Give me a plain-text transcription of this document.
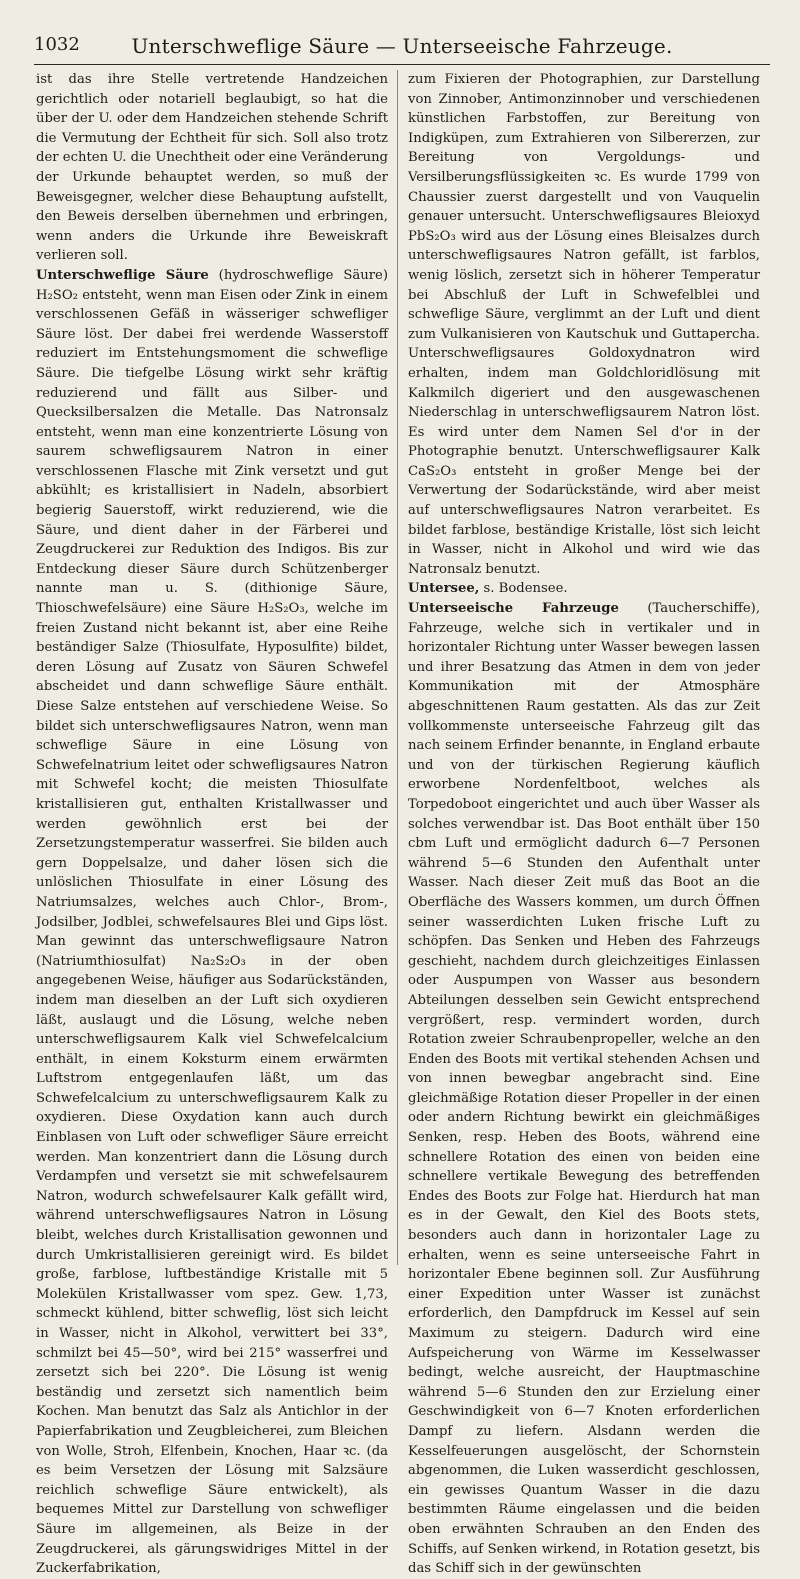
1032	Unterschweflige Säure — Unterseeische Fahrzeuge.

ist das ihre Stelle vertretende Handzeichen gerichtlich oder notariell beglaubigt, so hat die über der U. oder dem Handzeichen stehende Schrift die Vermutung der Echtheit für sich. Soll also trotz der echten U. die Unechtheit oder eine Veränderung der Urkunde behauptet werden, so muß der Beweisgegner, welcher diese Behauptung aufstellt, den Beweis derselben übernehmen und erbringen, wenn anders die Urkunde ihre Beweiskraft verlieren soll.

Unterschweflige Säure (hydroschweflige Säure) H₂SO₂ entsteht, wenn man Eisen oder Zink in einem verschlossenen Gefäß in wässeriger schwefliger Säure löst. Der dabei frei werdende Wasserstoff reduziert im Entstehungsmoment die schweflige Säure. Die tiefgelbe Lösung wirkt sehr kräftig reduzierend und fällt aus Silber- und Quecksilbersalzen die Metalle. Das Natronsalz entsteht, wenn man eine konzentrierte Lösung von saurem schwefligsaurem Natron in einer verschlossenen Flasche mit Zink versetzt und gut abkühlt; es kristallisiert in Nadeln, absorbiert begierig Sauerstoff, wirkt reduzierend, wie die Säure, und dient daher in der Färberei und Zeugdruckerei zur Reduktion des Indigos. Bis zur Entdeckung dieser Säure durch Schützenberger nannte man u. S. (dithionige Säure, Thioschwefelsäure) eine Säure H₂S₂O₃, welche im freien Zustand nicht bekannt ist, aber eine Reihe beständiger Salze (Thiosulfate, Hyposulfite) bildet, deren Lösung auf Zusatz von Säuren Schwefel abscheidet und dann schweflige Säure enthält. Diese Salze entstehen auf verschiedene Weise. So bildet sich unterschwefligsaures Natron, wenn man schweflige Säure in eine Lösung von Schwefelnatrium leitet oder schwefligsaures Natron mit Schwefel kocht; die meisten Thiosulfate kristallisieren gut, enthalten Kristallwasser und werden gewöhnlich erst bei der Zersetzungstemperatur wasserfrei. Sie bilden auch gern Doppelsalze, und daher lösen sich die unlöslichen Thiosulfate in einer Lösung des Natriumsalzes, welches auch Chlor-, Brom-, Jodsilber, Jodblei, schwefelsaures Blei und Gips löst. Man gewinnt das unterschwefligsaure Natron (Natriumthiosulfat) Na₂S₂O₃ in der oben angegebenen Weise, häufiger aus Sodarückständen, indem man dieselben an der Luft sich oxydieren läßt, auslaugt und die Lösung, welche neben unterschwefligsaurem Kalk viel Schwefelcalcium enthält, in einem Koksturm einem erwärmten Luftstrom entgegenlaufen läßt, um das Schwefelcalcium zu unterschwefligsaurem Kalk zu oxydieren. Diese Oxydation kann auch durch Einblasen von Luft oder schwefliger Säure erreicht werden. Man konzentriert dann die Lösung durch Verdampfen und versetzt sie mit schwefelsaurem Natron, wodurch schwefelsaurer Kalk gefällt wird, während unterschwefligsaures Natron in Lösung bleibt, welches durch Kristallisation gewonnen und durch Umkristallisieren gereinigt wird. Es bildet große, farblose, luftbeständige Kristalle mit 5 Molekülen Kristallwasser vom spez. Gew. 1,73, schmeckt kühlend, bitter schweflig, löst sich leicht in Wasser, nicht in Alkohol, verwittert bei 33°, schmilzt bei 45—50°, wird bei 215° wasserfrei und zersetzt sich bei 220°. Die Lösung ist wenig beständig und zersetzt sich namentlich beim Kochen. Man benutzt das Salz als Antichlor in der Papierfabrikation und Zeugbleicherei, zum Bleichen von Wolle, Stroh, Elfenbein, Knochen, Haar ꝛc. (da es beim Versetzen der Lösung mit Salzsäure reichlich schweflige Säure entwickelt), als bequemes Mittel zur Darstellung von schwefliger Säure im allgemeinen, als Beize in der Zeugdruckerei, als gärungswidriges Mittel in der Zuckerfabrikation,

zum Fixieren der Photographien, zur Darstellung von Zinnober, Antimonzinnober und verschiedenen künstlichen Farbstoffen, zur Bereitung von Indigküpen, zum Extrahieren von Silbererzen, zur Bereitung von Vergoldungs- und Versilberungsflüssigkeiten ꝛc. Es wurde 1799 von Chaussier zuerst dargestellt und von Vauquelin genauer untersucht. Unterschwefligsaures Bleioxyd PbS₂O₃ wird aus der Lösung eines Bleisalzes durch unterschwefligsaures Natron gefällt, ist farblos, wenig löslich, zersetzt sich in höherer Temperatur bei Abschluß der Luft in Schwefelblei und schweflige Säure, verglimmt an der Luft und dient zum Vulkanisieren von Kautschuk und Guttapercha. Unterschwefligsaures Goldoxydnatron wird erhalten, indem man Goldchloridlösung mit Kalkmilch digeriert und den ausgewaschenen Niederschlag in unterschwefligsaurem Natron löst. Es wird unter dem Namen Sel d'or in der Photographie benutzt. Unterschwefligsaurer Kalk CaS₂O₃ entsteht in großer Menge bei der Verwertung der Sodarückstände, wird aber meist auf unterschwefligsaures Natron verarbeitet. Es bildet farblose, beständige Kristalle, löst sich leicht in Wasser, nicht in Alkohol und wird wie das Natronsalz benutzt.

Untersee, s. Bodensee.

Unterseeische Fahrzeuge (Taucherschiffe), Fahrzeuge, welche sich in vertikaler und in horizontaler Richtung unter Wasser bewegen lassen und ihrer Besatzung das Atmen in dem von jeder Kommunikation mit der Atmosphäre abgeschnittenen Raum gestatten. Als das zur Zeit vollkommenste unterseeische Fahrzeug gilt das nach seinem Erfinder benannte, in England erbaute und von der türkischen Regierung käuflich erworbene Nordenfeltboot, welches als Torpedoboot eingerichtet und auch über Wasser als solches verwendbar ist. Das Boot enthält über 150 cbm Luft und ermöglicht dadurch 6—7 Personen während 5—6 Stunden den Aufenthalt unter Wasser. Nach dieser Zeit muß das Boot an die Oberfläche des Wassers kommen, um durch Öffnen seiner wasserdichten Luken frische Luft zu schöpfen. Das Senken und Heben des Fahrzeugs geschieht, nachdem durch gleichzeitiges Einlassen oder Auspumpen von Wasser aus besondern Abteilungen desselben sein Gewicht entsprechend vergrößert, resp. vermindert worden, durch Rotation zweier Schraubenpropeller, welche an den Enden des Boots mit vertikal stehenden Achsen und von innen bewegbar angebracht sind. Eine gleichmäßige Rotation dieser Propeller in der einen oder andern Richtung bewirkt ein gleichmäßiges Senken, resp. Heben des Boots, während eine schnellere Rotation des einen von beiden eine schnellere vertikale Bewegung des betreffenden Endes des Boots zur Folge hat. Hierdurch hat man es in der Gewalt, den Kiel des Boots stets, besonders auch dann in horizontaler Lage zu erhalten, wenn es seine unterseeische Fahrt in horizontaler Ebene beginnen soll. Zur Ausführung einer Expedition unter Wasser ist zunächst erforderlich, den Dampfdruck im Kessel auf sein Maximum zu steigern. Dadurch wird eine Aufspeicherung von Wärme im Kesselwasser bedingt, welche ausreicht, der Hauptmaschine während 5—6 Stunden den zur Erzielung einer Geschwindigkeit von 6—7 Knoten erforderlichen Dampf zu liefern. Alsdann werden die Kesselfeuerungen ausgelöscht, der Schornstein abgenommen, die Luken wasserdicht geschlossen, ein gewisses Quantum Wasser in die dazu bestimmten Räume eingelassen und die beiden oben erwähnten Schrauben an den Enden des Schiffs, auf Senken wirkend, in Rotation gesetzt, bis das Schiff sich in der gewünschten
